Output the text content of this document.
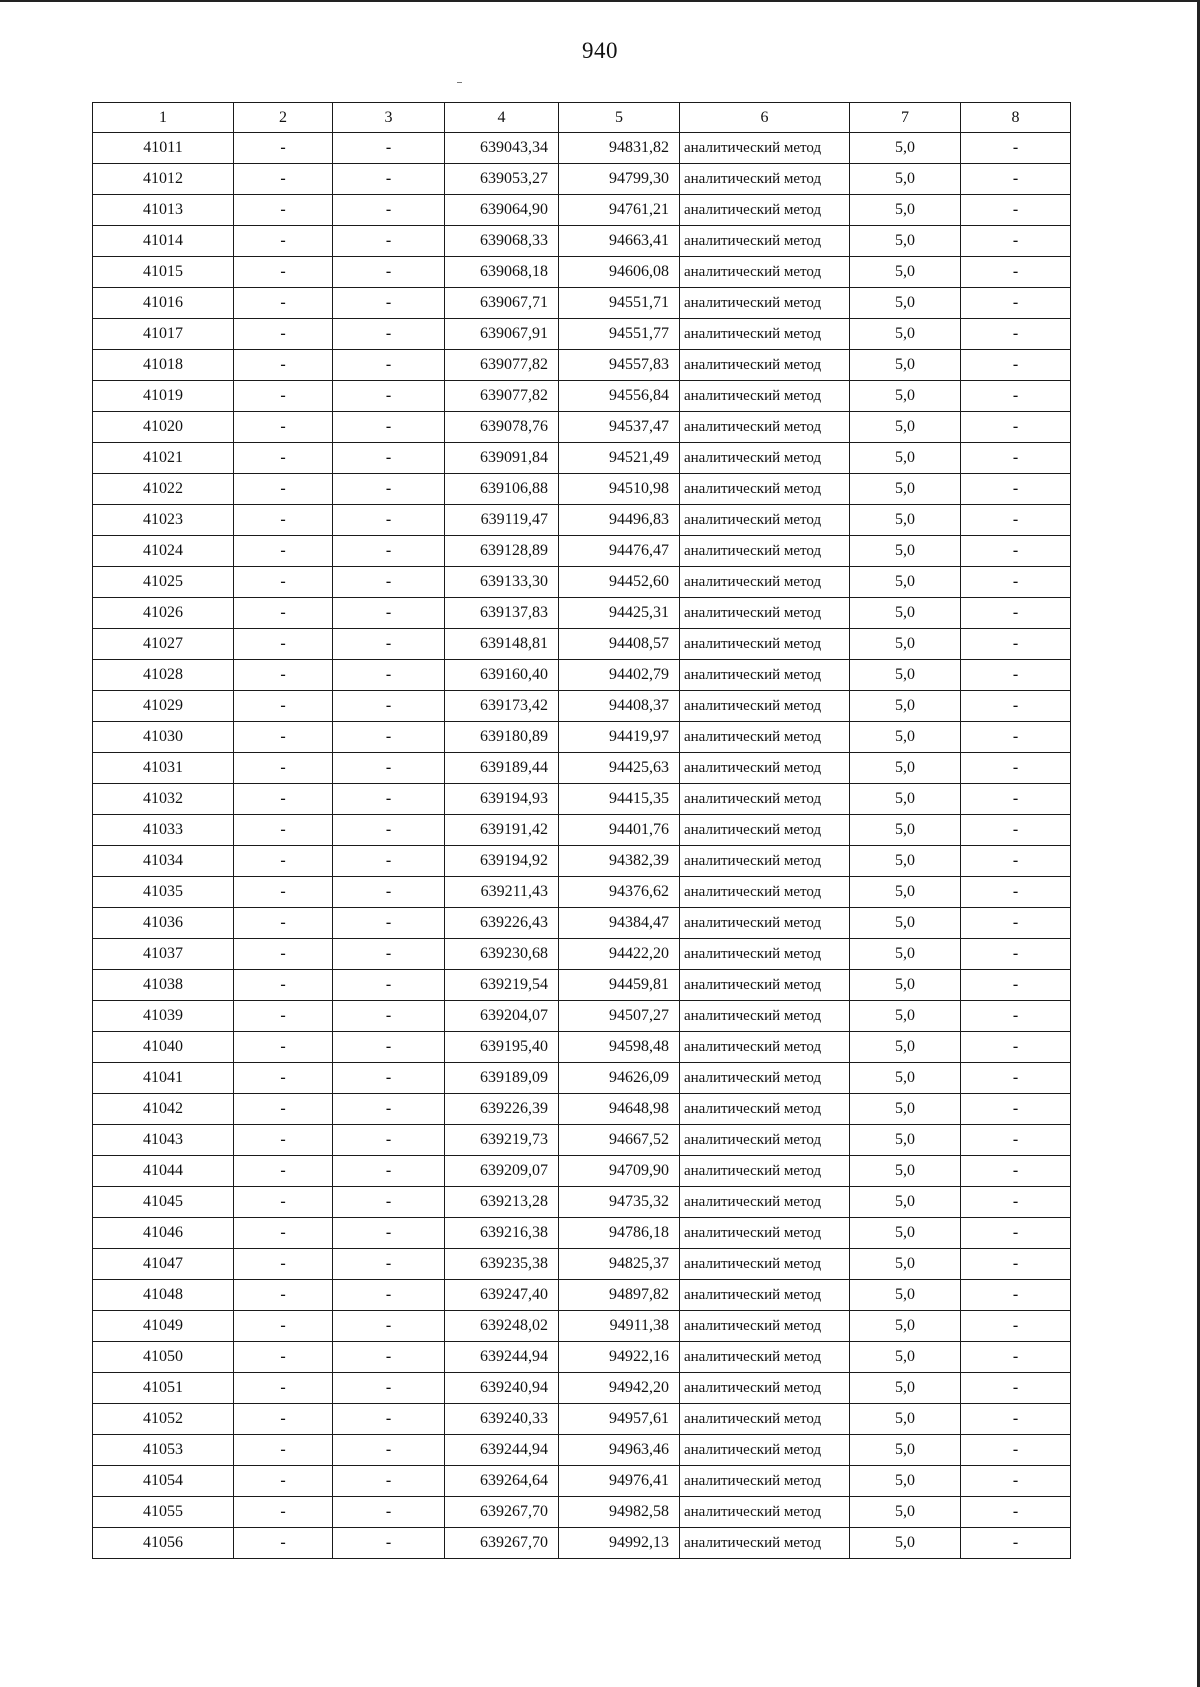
940
1	2	3	4	5	6	7	8
41011	-	-	639043,34	94831,82	аналитический метод	5,0	-
41012	-	-	639053,27	94799,30	аналитический метод	5,0	-
41013	-	-	639064,90	94761,21	аналитический метод	5,0	-
41014	-	-	639068,33	94663,41	аналитический метод	5,0	-
41015	-	-	639068,18	94606,08	аналитический метод	5,0	-
41016	-	-	639067,71	94551,71	аналитический метод	5,0	-
41017	-	-	639067,91	94551,77	аналитический метод	5,0	-
41018	-	-	639077,82	94557,83	аналитический метод	5,0	-
41019	-	-	639077,82	94556,84	аналитический метод	5,0	-
41020	-	-	639078,76	94537,47	аналитический метод	5,0	-
41021	-	-	639091,84	94521,49	аналитический метод	5,0	-
41022	-	-	639106,88	94510,98	аналитический метод	5,0	-
41023	-	-	639119,47	94496,83	аналитический метод	5,0	-
41024	-	-	639128,89	94476,47	аналитический метод	5,0	-
41025	-	-	639133,30	94452,60	аналитический метод	5,0	-
41026	-	-	639137,83	94425,31	аналитический метод	5,0	-
41027	-	-	639148,81	94408,57	аналитический метод	5,0	-
41028	-	-	639160,40	94402,79	аналитический метод	5,0	-
41029	-	-	639173,42	94408,37	аналитический метод	5,0	-
41030	-	-	639180,89	94419,97	аналитический метод	5,0	-
41031	-	-	639189,44	94425,63	аналитический метод	5,0	-
41032	-	-	639194,93	94415,35	аналитический метод	5,0	-
41033	-	-	639191,42	94401,76	аналитический метод	5,0	-
41034	-	-	639194,92	94382,39	аналитический метод	5,0	-
41035	-	-	639211,43	94376,62	аналитический метод	5,0	-
41036	-	-	639226,43	94384,47	аналитический метод	5,0	-
41037	-	-	639230,68	94422,20	аналитический метод	5,0	-
41038	-	-	639219,54	94459,81	аналитический метод	5,0	-
41039	-	-	639204,07	94507,27	аналитический метод	5,0	-
41040	-	-	639195,40	94598,48	аналитический метод	5,0	-
41041	-	-	639189,09	94626,09	аналитический метод	5,0	-
41042	-	-	639226,39	94648,98	аналитический метод	5,0	-
41043	-	-	639219,73	94667,52	аналитический метод	5,0	-
41044	-	-	639209,07	94709,90	аналитический метод	5,0	-
41045	-	-	639213,28	94735,32	аналитический метод	5,0	-
41046	-	-	639216,38	94786,18	аналитический метод	5,0	-
41047	-	-	639235,38	94825,37	аналитический метод	5,0	-
41048	-	-	639247,40	94897,82	аналитический метод	5,0	-
41049	-	-	639248,02	94911,38	аналитический метод	5,0	-
41050	-	-	639244,94	94922,16	аналитический метод	5,0	-
41051	-	-	639240,94	94942,20	аналитический метод	5,0	-
41052	-	-	639240,33	94957,61	аналитический метод	5,0	-
41053	-	-	639244,94	94963,46	аналитический метод	5,0	-
41054	-	-	639264,64	94976,41	аналитический метод	5,0	-
41055	-	-	639267,70	94982,58	аналитический метод	5,0	-
41056	-	-	639267,70	94992,13	аналитический метод	5,0	-
